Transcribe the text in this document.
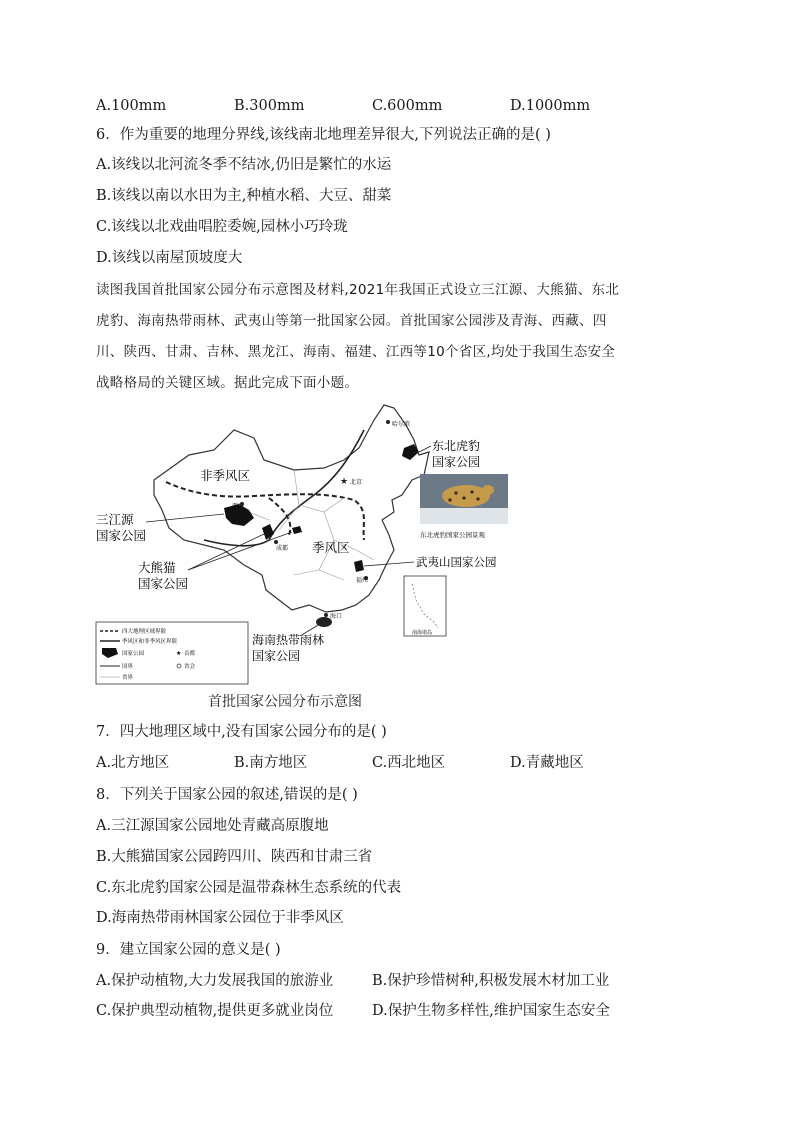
A.100mm	B.300mm	C.600mm	D.1000mm
6．作为重要的地理分界线,该线南北地理差异很大,下列说法正确的是( )
A.该线以北河流冬季不结冰,仍旧是繁忙的水运
B.该线以南以水田为主,种植水稻、大豆、甜菜
C.该线以北戏曲唱腔委婉,园林小巧玲珑
D.该线以南屋顶坡度大
读图我国首批国家公园分布示意图及材料,2021年我国正式设立三江源、大熊猫、东北
虎豹、海南热带雨林、武夷山等第一批国家公园。首批国家公园涉及青海、西藏、四
川、陕西、甘肃、吉林、黑龙江、海南、福建、江西等10个省区,均处于我国生态安全
战略格局的关键区域。据此完成下面小题。
哈尔滨
★ 北京
西宁
成都
福州
海口
非季风区
季风区
三江源
国家公园
大熊猫
国家公园
东北虎豹
国家公园
东北虎豹国家公园景观
武夷山国家公园
南海诸岛
海南热带雨林
国家公园
四大地理区域界限
季风区和非季风区界限
国家公园	★ 首都
国界	省会
省界
首批国家公园分布示意图
7．四大地理区域中,没有国家公园分布的是( )
A.北方地区	B.南方地区	C.西北地区	D.青藏地区
8．下列关于国家公园的叙述,错误的是( )
A.三江源国家公园地处青藏高原腹地
B.大熊猫国家公园跨四川、陕西和甘肃三省
C.东北虎豹国家公园是温带森林生态系统的代表
D.海南热带雨林国家公园位于非季风区
9．建立国家公园的意义是( )
A.保护动植物,大力发展我国的旅游业	B.保护珍惜树种,积极发展木材加工业
C.保护典型动植物,提供更多就业岗位	D.保护生物多样性,维护国家生态安全
